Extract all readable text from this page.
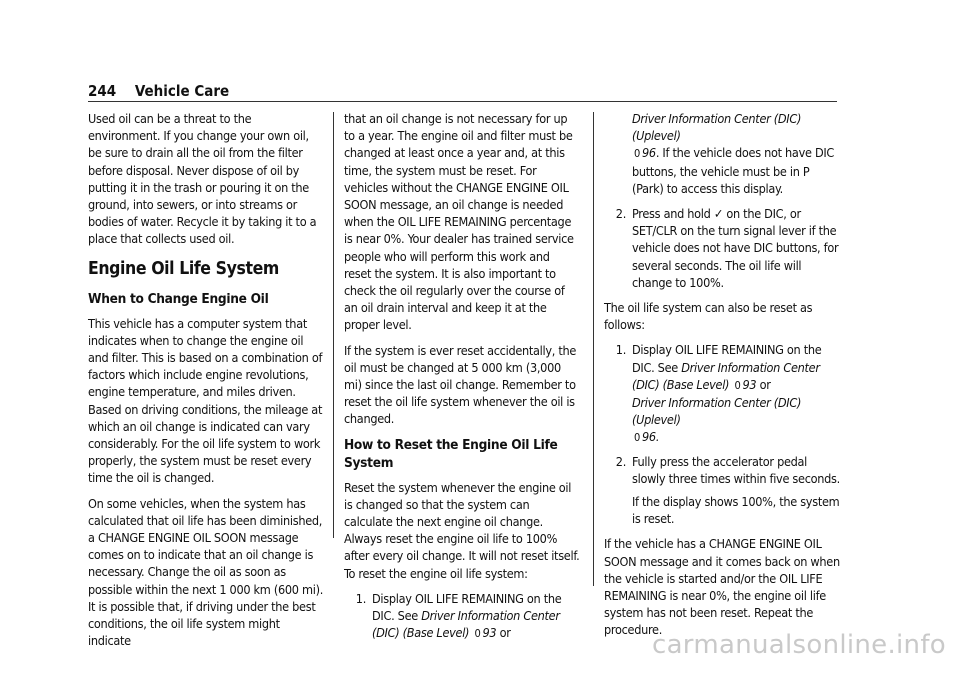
244 Vehicle Care

Used oil can be a threat to the environment. If you change your own oil, be sure to drain all the oil from the filter before disposal. Never dispose of oil by putting it in the trash or pouring it on the ground, into sewers, or into streams or bodies of water. Recycle it by taking it to a place that collects used oil.

Engine Oil Life System
When to Change Engine Oil

This vehicle has a computer system that indicates when to change the engine oil and filter. This is based on a combination of factors which include engine revolutions, engine temperature, and miles driven. Based on driving conditions, the mileage at which an oil change is indicated can vary considerably. For the oil life system to work properly, the system must be reset every time the oil is changed.

On some vehicles, when the system has calculated that oil life has been diminished, a CHANGE ENGINE OIL SOON message comes on to indicate that an oil change is necessary. Change the oil as soon as possible within the next 1 000 km (600 mi). It is possible that, if driving under the best conditions, the oil life system might indicate

that an oil change is not necessary for up to a year. The engine oil and filter must be changed at least once a year and, at this time, the system must be reset. For vehicles without the CHANGE ENGINE OIL SOON message, an oil change is needed when the OIL LIFE REMAINING percentage is near 0%. Your dealer has trained service people who will perform this work and reset the system. It is also important to check the oil regularly over the course of an oil drain interval and keep it at the proper level.

If the system is ever reset accidentally, the oil must be changed at 5 000 km (3,000 mi) since the last oil change. Remember to reset the oil life system whenever the oil is changed.

How to Reset the Engine Oil Life System

Reset the system whenever the engine oil is changed so that the system can calculate the next engine oil change. Always reset the engine oil life to 100% after every oil change. It will not reset itself. To reset the engine oil life system:

1. Display OIL LIFE REMAINING on the DIC. See Driver Information Center (DIC) (Base Level) 0 93 or
Driver Information Center (DIC) (Uplevel)
0 96. If the vehicle does not have DIC buttons, the vehicle must be in P (Park) to access this display.
2. Press and hold ✓ on the DIC, or SET/CLR on the turn signal lever if the vehicle does not have DIC buttons, for several seconds. The oil life will change to 100%.

The oil life system can also be reset as follows:

1. Display OIL LIFE REMAINING on the DIC. See Driver Information Center (DIC) (Base Level) 0 93 or
Driver Information Center (DIC) (Uplevel)
0 96.
2. Fully press the accelerator pedal slowly three times within five seconds.

If the display shows 100%, the system is reset.

If the vehicle has a CHANGE ENGINE OIL SOON message and it comes back on when the vehicle is started and/or the OIL LIFE REMAINING is near 0%, the engine oil life system has not been reset. Repeat the procedure.

carmanualsonline.info
